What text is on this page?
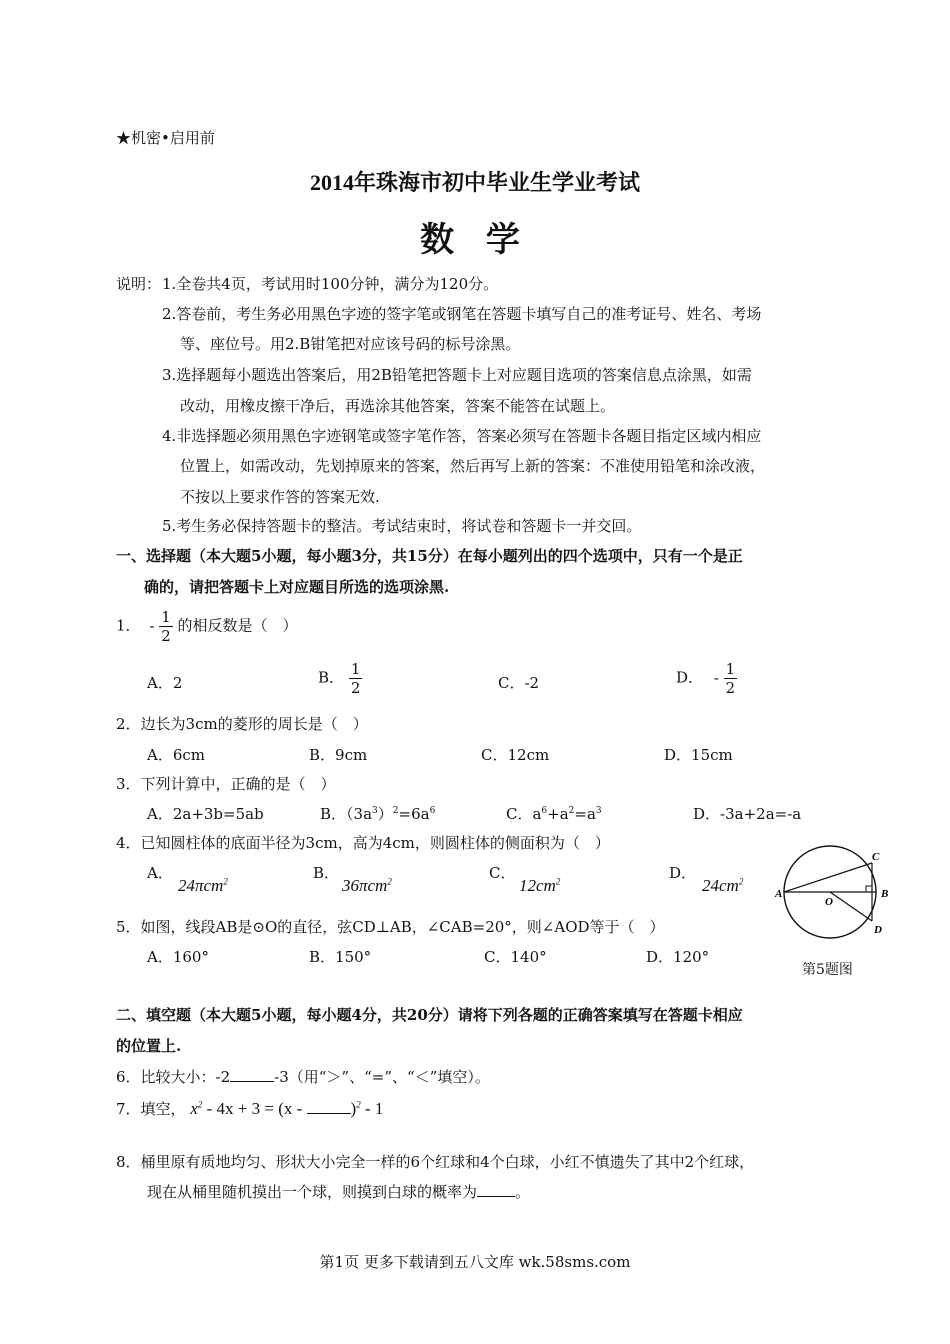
★机密•启用前
2014年珠海市初中毕业生学业考试
数 学
说明： 1.全卷共4页，考试用时100分钟，满分为120分。
2.答卷前，考生务必用黑色字迹的签字笔或钢笔在答题卡填写自己的准考证号、姓名、考场
等、座位号。用2.B钳笔把对应该号码的标号涂黑。
3.选择题每小题选出答案后，用2B铅笔把答题卡上对应题目选项的答案信息点涂黑，如需
改动，用橡皮擦干净后，再选涂其他答案，答案不能答在试题上。
4.非选择题必须用黑色字迹钢笔或签字笔作答，答案必须写在答题卡各题目指定区域内相应
位置上，如需改动，先划掉原来的答案，然后再写上新的答案：不准使用铅笔和涂改液，
不按以上要求作答的答案无效.
5.考生务必保持答题卡的整洁。考试结束时，将试卷和答题卡一并交回。
一、选择题（本大题5小题，每小题3分，共15分）在每小题列出的四个选项中，只有一个是正
确的，请把答题卡上对应题目所选的选项涂黑.
1． - $\frac{1}{2}$ 的相反数是（　）
A．2	B． $\frac{1}{2}$	C．-2	D． - $\frac{1}{2}$
2．边长为3cm的菱形的周长是（　）
A．6cm	B．9cm	C．12cm	D．15cm
3．下列计算中，正确的是（　）
A．2a+3b=5ab	B．$(3a^3)^2=6a^6$	C．$a^6+a^2=a^3$	D．-3a+2a=-a
4．已知圆柱体的底面半径为3cm，高为4cm，则圆柱体的侧面积为（　）
A．
24πcm$^2$	B．
36πcm$^2$	C．
$12cm^2$	D．
$24cm^2$
5．如图，线段AB是⊙O的直径，弦CD⊥AB，∠CAB=20°，则∠AOD等于（　）
A．160°	B．150°	C．140°	D．120°
A	B
C
D
O
第5题图
二、填空题（本大题5小题，每小题4分，共20分）请将下列各题的正确答案填写在答题卡相应
的位置上.
6．比较大小：-2	-3（用“＞”、“=”、“＜”填空）。
7．填空， $x^2 - 4x + 3 = (x$ -	)$^2$ - 1
8．桶里原有质地均匀、形状大小完全一样的6个红球和4个白球，小红不慎遗失了其中2个红球，
现在从桶里随机摸出一个球，则摸到白球的概率为	。
第1页 更多下载请到五八文库 wk.58sms.com
